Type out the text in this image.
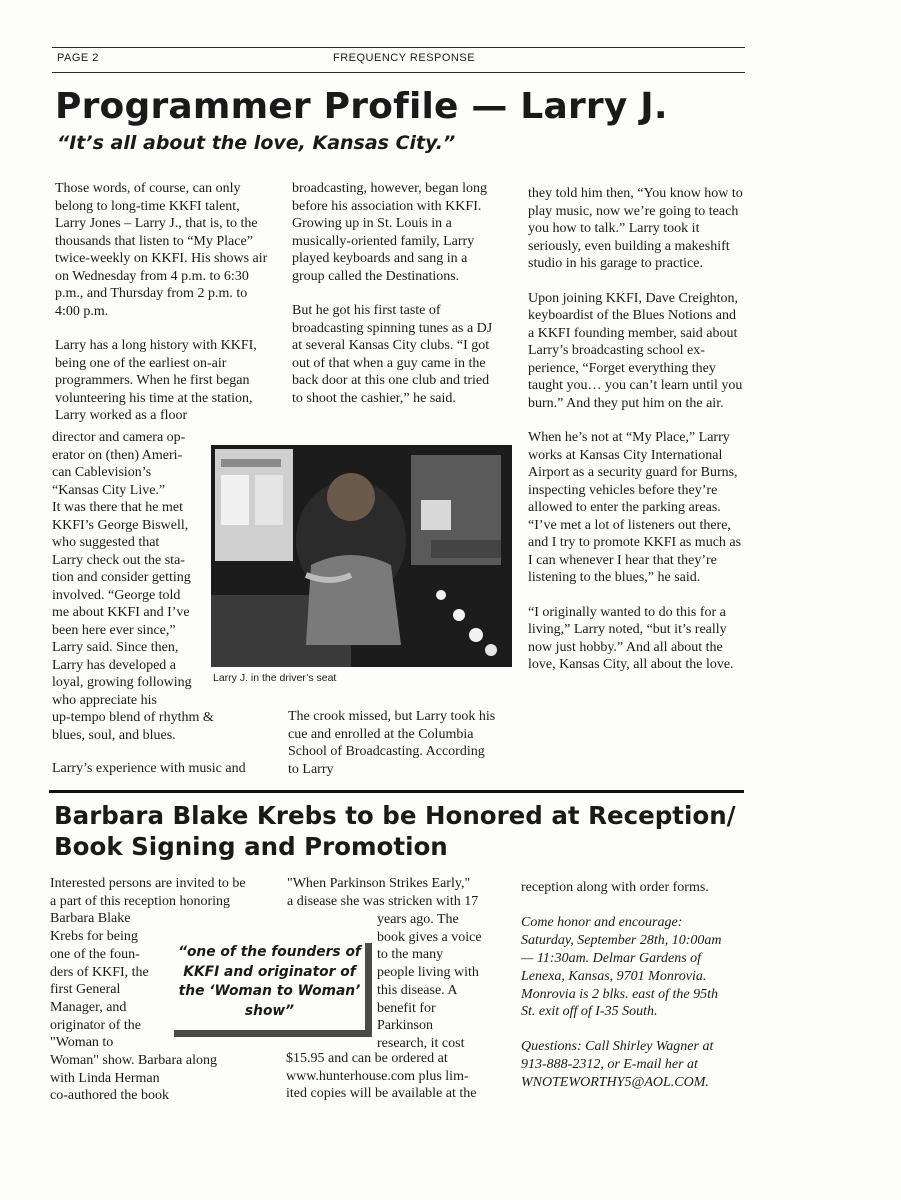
PAGE 2	FREQUENCY RESPONSE
Programmer Profile — Larry J.
“It’s all about the love, Kansas City.”

Those words, of course, can only belong to long-time KKFI talent, Larry Jones – Larry J., that is, to the thousands that listen to “My Place” twice-weekly on KKFI. His shows air on Wednesday from 4 p.m. to 6:30 p.m., and Thursday from 2 p.m. to 4:00 p.m.

Larry has a long history with KKFI, being one of the earliest on-air programmers. When he first began volunteering his time at the station, Larry worked as a floor

director and camera op-
erator on (then) Ameri-
can Cablevision’s
“Kansas City Live.”
It was there that he met
KKFI’s George Biswell,
who suggested that
Larry check out the sta-
tion and consider getting
involved. “George told
me about KKFI and I’ve
been here ever since,”
Larry said. Since then,
Larry has developed a
loyal, growing following
who appreciate his
up-tempo blend of rhythm &
blues, soul, and blues.
Larry’s experience with music and

broadcasting, however, began long before his association with KKFI. Growing up in St. Louis in a musically-oriented family, Larry played keyboards and sang in a group called the Destinations.

But he got his first taste of broadcasting spinning tunes as a DJ at several Kansas City clubs. “I got out of that when a guy came in the back door at this one club and tried to shoot the cashier,” he said.

The crook missed, but Larry took his cue and enrolled at the Columbia School of Broadcasting. According to Larry

they told him then, “You know how to play music, now we’re going to teach you how to talk.” Larry took it seriously, even building a makeshift studio in his garage to practice.

Upon joining KKFI, Dave Creighton, keyboardist of the Blues Notions and a KKFI founding member, said about Larry’s broadcasting school ex-perience, “Forget everything they taught you… you can’t learn until you burn.” And they put him on the air.

When he’s not at “My Place,” Larry works at Kansas City International Airport as a security guard for Burns, inspecting vehicles before they’re allowed to enter the parking areas. “I’ve met a lot of listeners out there, and I try to promote KKFI as much as I can whenever I hear that they’re listening to the blues,” he said.

“I originally wanted to do this for a living,” Larry noted, “but it’s really now just hobby.” And all about the love, Kansas City, all about the love.

Larry J. in the driver’s seat
Barbara Blake Krebs to be Honored at Reception/
Book Signing and Promotion
Interested persons are invited to be
a part of this reception honoring
Barbara Blake
Krebs for being
one of the foun-
ders of KKFI, the
first General
Manager, and
originator of the
"Woman to
Woman" show. Barbara along
with Linda Herman
co-authored the book
"When Parkinson Strikes Early,"
a disease she was stricken with 17
years ago. The
book gives a voice
to the many
people living with
this disease. A
benefit for
Parkinson
research, it cost
$15.95 and can be ordered at
www.hunterhouse.com plus lim-
ited copies will be available at the
“one of the founders of KKFI and originator of the ‘Woman to Woman’ show”

reception along with order forms.

Come honor and encourage: Saturday, September 28th, 10:00am — 11:30am. Delmar Gardens of Lenexa, Kansas, 9701 Monrovia. Monrovia is 2 blks. east of the 95th St. exit off of I-35 South.

Questions: Call Shirley Wagner at 913-888-2312, or E-mail her at WNOTEWORTHY5@AOL.COM.
